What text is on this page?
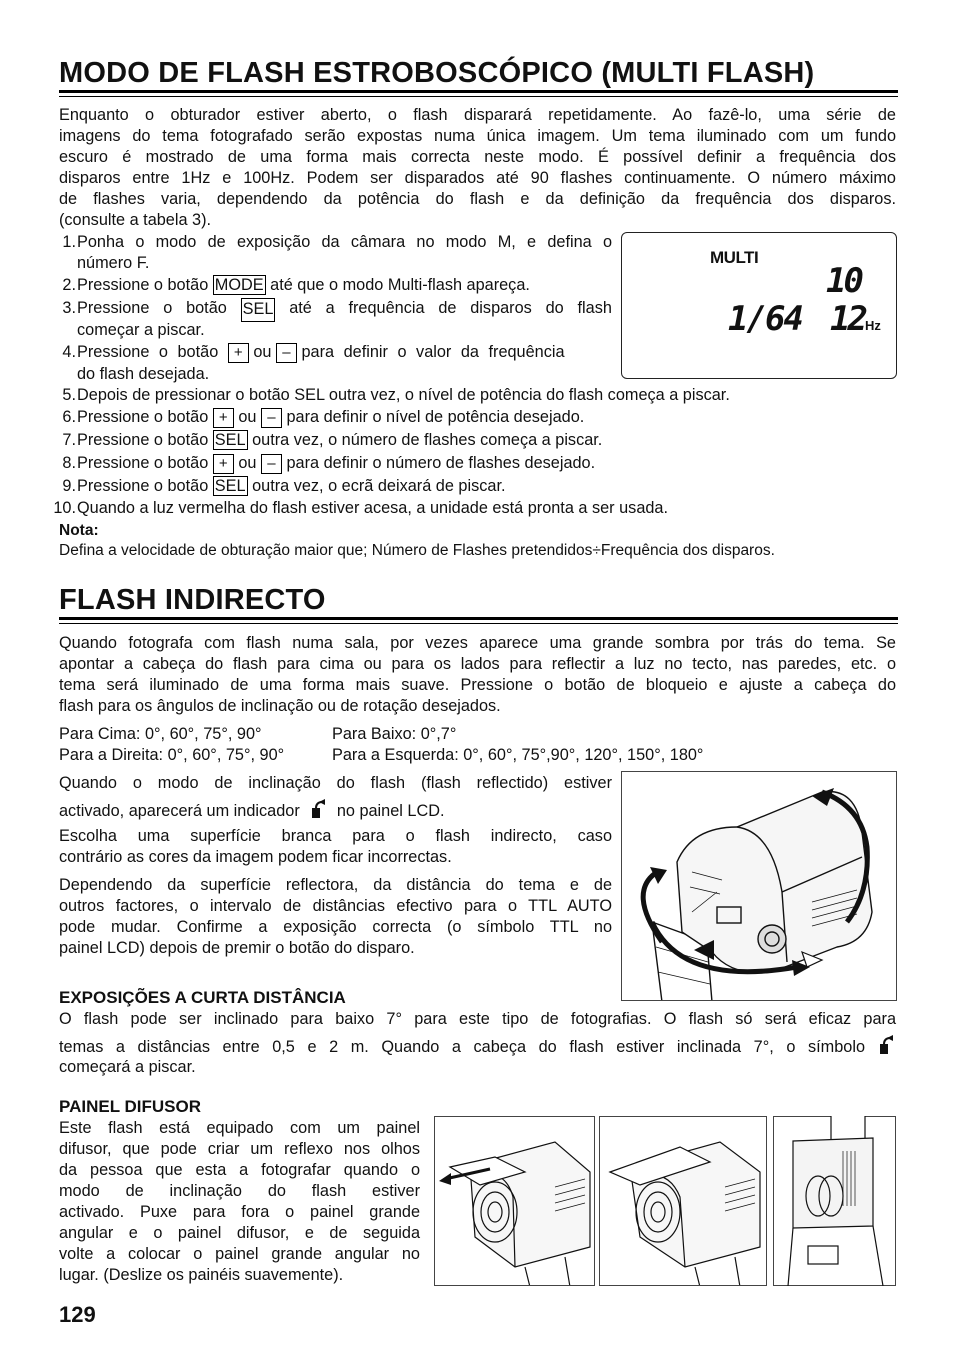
MODO DE FLASH ESTROBOSCÓPICO (MULTI FLASH)
Enquanto o obturador estiver aberto, o flash disparará repetidamente. Ao fazê-lo, uma série de
imagens do tema fotografado serão expostas numa única imagem. Um tema iluminado com um fundo
escuro é mostrado de uma forma mais correcta neste modo. É possível definir a frequência dos
disparos entre 1Hz e 100Hz. Podem ser disparados até 90 flashes continuamente. O número máximo
de flashes varia, dependendo da potência do flash e da definição da frequência dos disparos.
(consulte a tabela 3).
1. Ponha o modo de exposição da câmara no modo M, e defina o
número F.
2. Pressione o botão MODE até que o modo Multi-flash apareça.
3. Pressione o botão SEL até a frequência de disparos do flash
começar a piscar.
4. Pressione o botão + ou – para definir o valor da frequência
do flash desejada.
5. Depois de pressionar o botão SEL outra vez, o nível de potência do flash começa a piscar.
6. Pressione o botão + ou – para definir o nível de potência desejado.
7. Pressione o botão SEL outra vez, o número de flashes começa a piscar.
8. Pressione o botão + ou – para definir o número de flashes desejado.
9. Pressione o botão SEL outra vez, o ecrã deixará de piscar.
10. Quando a luz vermelha do flash estiver acesa, a unidade está pronta a ser usada.
Nota:
Defina a velocidade de obturação maior que; Número de Flashes pretendidos÷Frequência dos disparos.
MULTI
10
1/64 12 Hz
FLASH INDIRECTO
Quando fotografa com flash numa sala, por vezes aparece uma grande sombra por trás do tema. Se
apontar a cabeça do flash para cima ou para os lados para reflectir a luz no tecto, nas paredes, etc. o
tema será iluminado de uma forma mais suave. Pressione o botão de bloqueio e ajuste a cabeça do
flash para os ângulos de inclinação ou de rotação desejados.
Para Cima: 0°, 60°, 75°, 90°	Para Baixo: 0°,7°
Para a Direita: 0°, 60°, 75°, 90°	Para a Esquerda: 0°, 60°, 75°,90°, 120°, 150°, 180°
Quando o modo de inclinação do flash (flash reflectido) estiver
activado, aparecerá um indicador no painel LCD.
Escolha uma superfície branca para o flash indirecto, caso
contrário as cores da imagem podem ficar incorrectas.
Dependendo da superfície reflectora, da distância do tema e de
outros factores, o intervalo de distâncias efectivo para o TTL AUTO
pode mudar. Confirme a exposição correcta (o símbolo TTL no
painel LCD) depois de premir o botão do disparo.
EXPOSIÇÕES A CURTA DISTÂNCIA
O flash pode ser inclinado para baixo 7° para este tipo de fotografias. O flash só será eficaz para
temas a distâncias entre 0,5 e 2 m. Quando a cabeça do flash estiver inclinada 7°, o símbolo
começará a piscar.
PAINEL DIFUSOR
Este flash está equipado com um painel
difusor, que pode criar um reflexo nos olhos
da pessoa que esta a fotografar quando o
modo de inclinação do flash estiver
activado. Puxe para fora o painel grande
angular e o painel difusor, e de seguida
volte a colocar o painel grande angular no
lugar. (Deslize os painéis suavemente).
129
